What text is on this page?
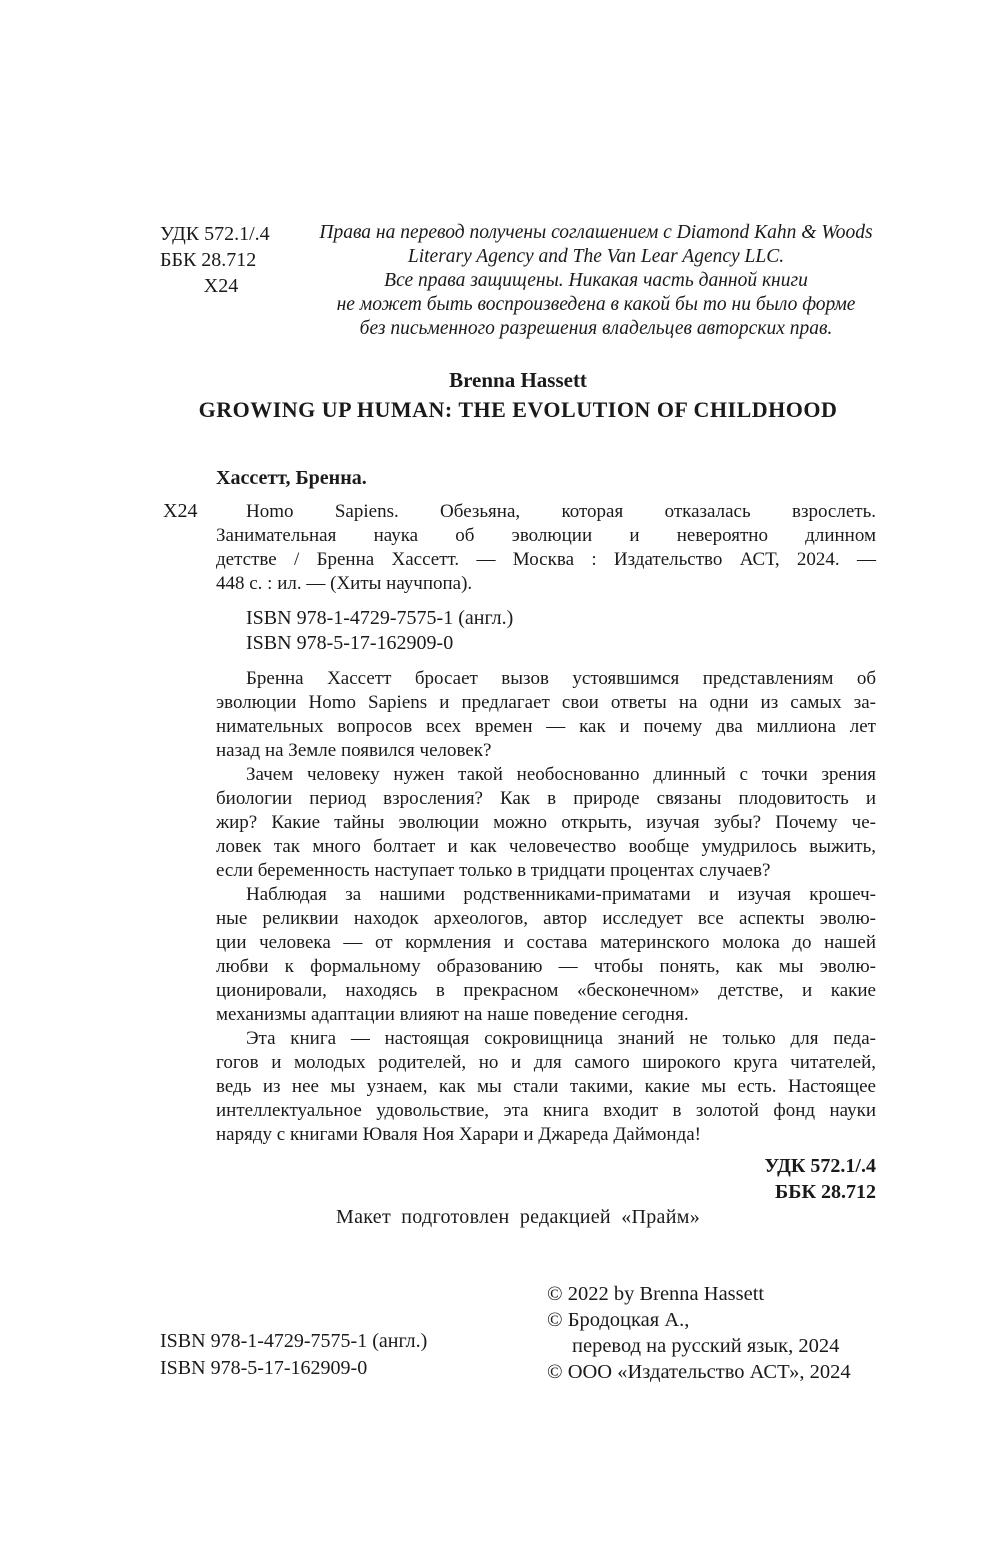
УДК 572.1/.4
ББК 28.712
Х24
Права на перевод получены соглашением с Diamond Kahn & Woods
Literary Agency and The Van Lear Agency LLC.
Все права защищены. Никакая часть данной книги
не может быть воспроизведена в какой бы то ни было форме
без письменного разрешения владельцев авторских прав.
Brenna Hassett
GROWING UP HUMAN: THE EVOLUTION OF CHILDHOOD
Хассетт, Бренна.
Х24	Homo Sapiens. Обезьяна, которая отказалась взрослеть.
Занимательная наука об эволюции и невероятно длинном
детстве / Бренна Хассетт. — Москва : Издательство АСТ, 2024. —
448 с. : ил. — (Хиты научпопа).
ISBN 978-1-4729-7575-1 (англ.)
ISBN 978-5-17-162909-0
Бренна Хассетт бросает вызов устоявшимся представлениям об
эволюции Homo Sapiens и предлагает свои ответы на одни из самых за-
нимательных вопросов всех времен — как и почему два миллиона лет
назад на Земле появился человек?
Зачем человеку нужен такой необоснованно длинный с точки зрения
биологии период взросления? Как в природе связаны плодовитость и
жир? Какие тайны эволюции можно открыть, изучая зубы? Почему че-
ловек так много болтает и как человечество вообще умудрилось выжить,
если беременность наступает только в тридцати процентах случаев?
Наблюдая за нашими родственниками-приматами и изучая крошеч-
ные реликвии находок археологов, автор исследует все аспекты эволю-
ции человека — от кормления и состава материнского молока до нашей
любви к формальному образованию — чтобы понять, как мы эволю-
ционировали, находясь в прекрасном «бесконечном» детстве, и какие
механизмы адаптации влияют на наше поведение сегодня.
Эта книга — настоящая сокровищница знаний не только для педа-
гогов и молодых родителей, но и для самого широкого круга читателей,
ведь из нее мы узнаем, как мы стали такими, какие мы есть. Настоящее
интеллектуальное удовольствие, эта книга входит в золотой фонд науки
наряду с книгами Юваля Ноя Харари и Джареда Даймонда!
УДК 572.1/.4
ББК 28.712
Макет подготовлен редакцией «Прайм»
© 2022 by Brenna Hassett
© Бродоцкая А.,
перевод на русский язык, 2024
© ООО «Издательство АСТ», 2024
ISBN 978-1-4729-7575-1 (англ.)
ISBN 978-5-17-162909-0
